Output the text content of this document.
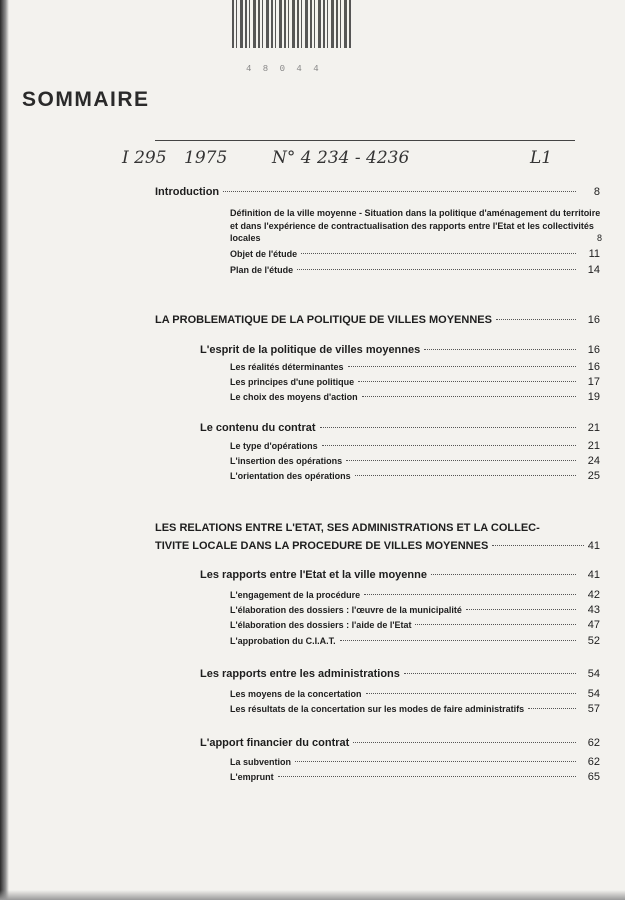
4 8 0 4 4
SOMMAIRE
I 295 1975	N° 4 234 - 4236	L1
Introduction	8
Définition de la ville moyenne - Situation dans la politique d'aménagement du territoire et dans l'expérience de contractualisation des rapports entre l'Etat et les collectivités locales	8
Objet de l'étude	11
Plan de l'étude	14
LA PROBLEMATIQUE DE LA POLITIQUE DE VILLES MOYENNES	16
L'esprit de la politique de villes moyennes	16
Les réalités déterminantes	16
Les principes d'une politique	17
Le choix des moyens d'action	19
Le contenu du contrat	21
Le type d'opérations	21
L'insertion des opérations	24
L'orientation des opérations	25
LES RELATIONS ENTRE L'ETAT, SES ADMINISTRATIONS ET LA COLLEC-
TIVITE LOCALE DANS LA PROCEDURE DE VILLES MOYENNES	41
Les rapports entre l'Etat et la ville moyenne	41
L'engagement de la procédure	42
L'élaboration des dossiers : l'œuvre de la municipalité	43
L'élaboration des dossiers : l'aide de l'Etat	47
L'approbation du C.I.A.T.	52
Les rapports entre les administrations	54
Les moyens de la concertation	54
Les résultats de la concertation sur les modes de faire administratifs	57
L'apport financier du contrat	62
La subvention	62
L'emprunt	65
